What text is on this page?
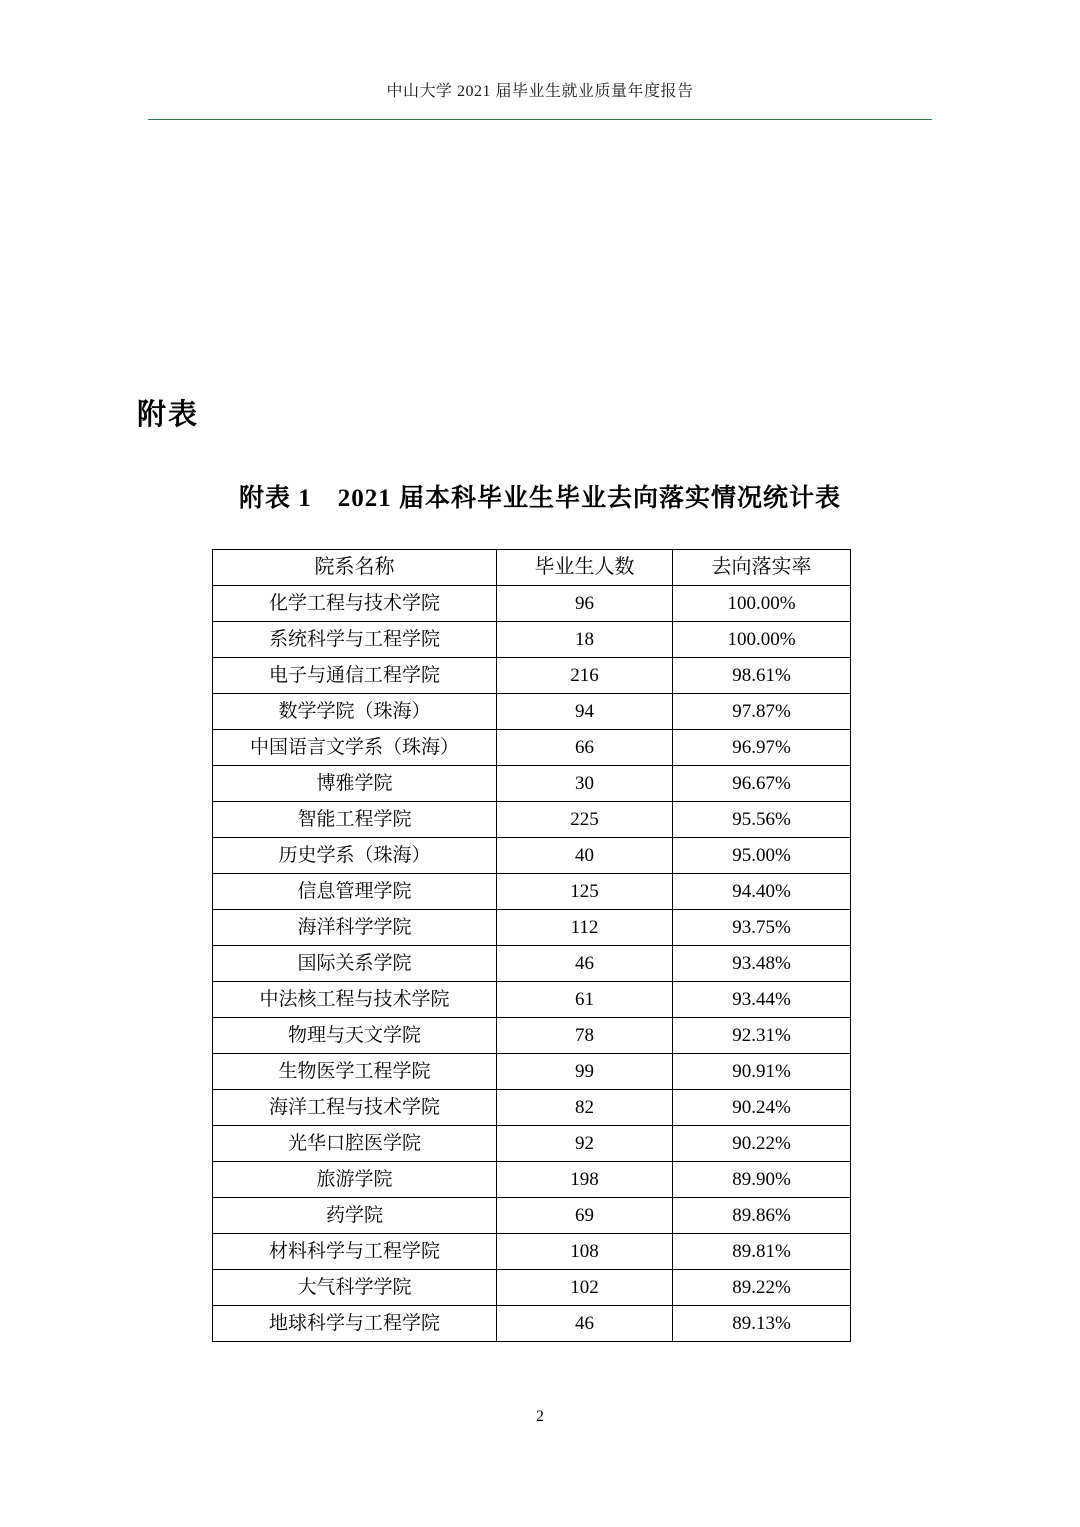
中山大学 2021 届毕业生就业质量年度报告
附表
附表 1 2021 届本科毕业生毕业去向落实情况统计表
院系名称	毕业生人数	去向落实率
化学工程与技术学院	96	100.00%
系统科学与工程学院	18	100.00%
电子与通信工程学院	216	98.61%
数学学院（珠海）	94	97.87%
中国语言文学系（珠海）	66	96.97%
博雅学院	30	96.67%
智能工程学院	225	95.56%
历史学系（珠海）	40	95.00%
信息管理学院	125	94.40%
海洋科学学院	112	93.75%
国际关系学院	46	93.48%
中法核工程与技术学院	61	93.44%
物理与天文学院	78	92.31%
生物医学工程学院	99	90.91%
海洋工程与技术学院	82	90.24%
光华口腔医学院	92	90.22%
旅游学院	198	89.90%
药学院	69	89.86%
材料科学与工程学院	108	89.81%
大气科学学院	102	89.22%
地球科学与工程学院	46	89.13%
2
